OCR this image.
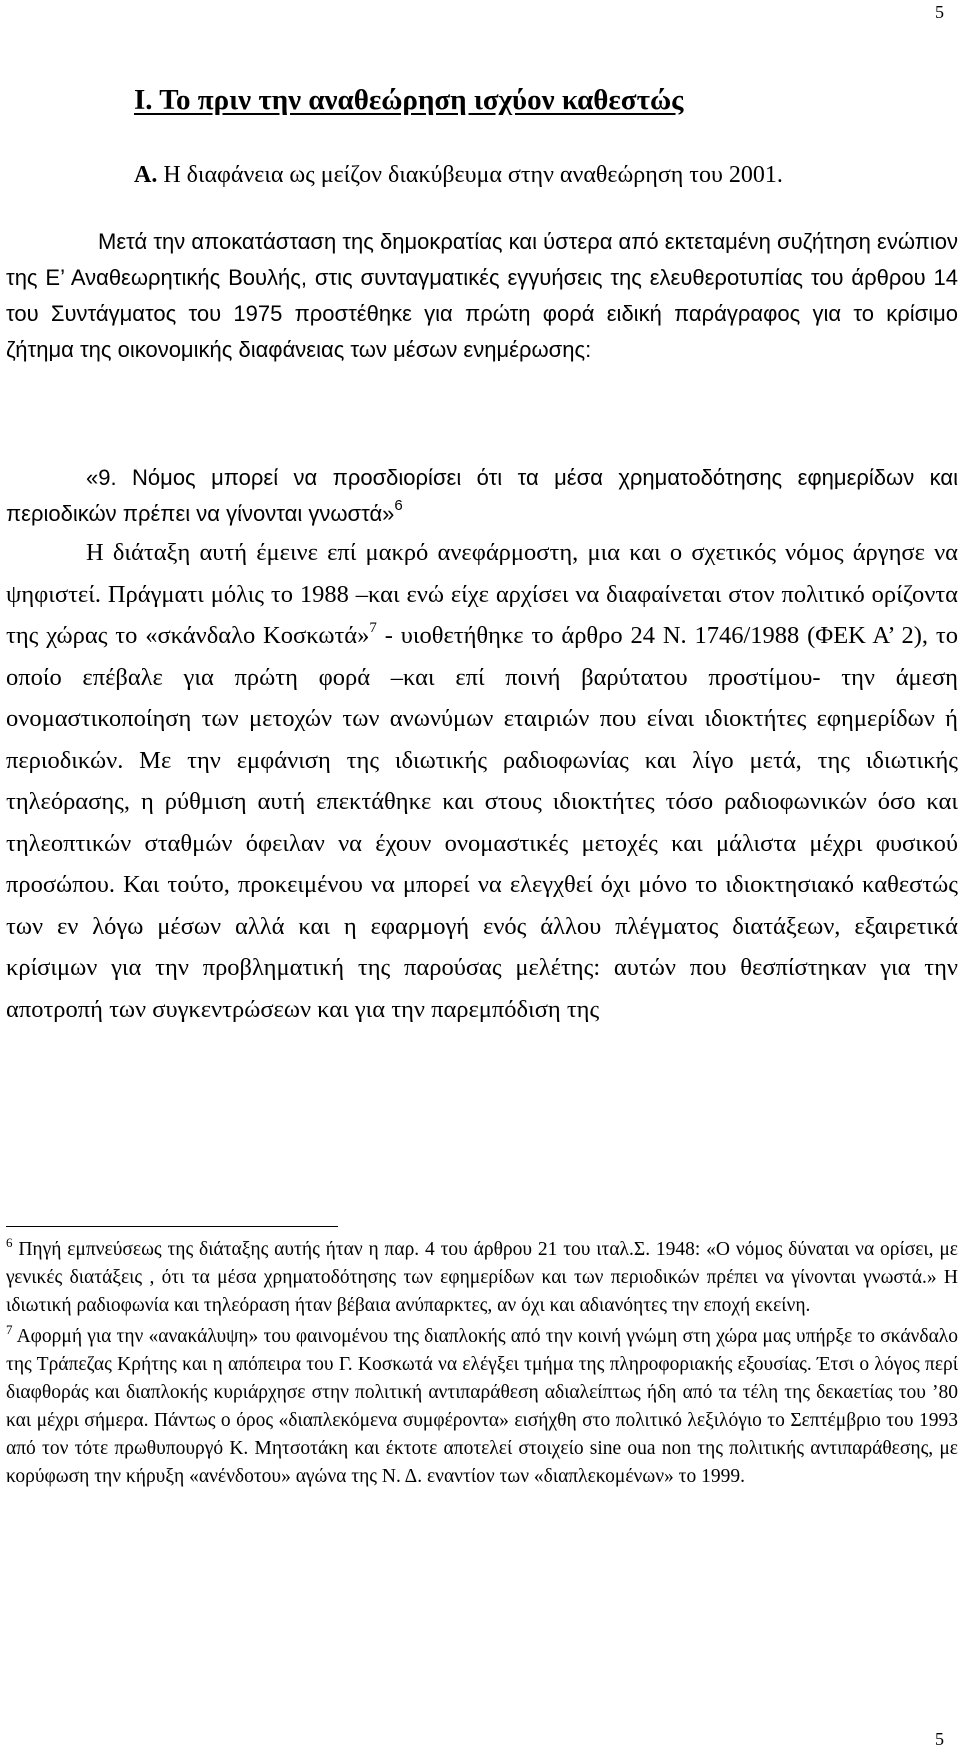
5
Ι. Το πριν την αναθεώρηση ισχύον καθεστώς
Α. Η διαφάνεια ως μείζον διακύβευμα στην αναθεώρηση του 2001.

Μετά την αποκατάσταση της δημοκρατίας και ύστερα από εκτεταμένη συζήτηση ενώπιον της Ε’ Αναθεωρητικής Βουλής, στις συνταγματικές εγγυήσεις της ελευθεροτυπίας του άρθρου 14 του Συντάγματος του 1975 προστέθηκε για πρώτη φορά ειδική παράγραφος για το κρίσιμο ζήτημα της οικονομικής διαφάνειας των μέσων ενημέρωσης:

«9. Νόμος μπορεί να προσδιορίσει ότι τα μέσα χρηματοδότησης εφημερίδων και περιοδικών πρέπει να γίνονται γνωστά»$^6$

Η διάταξη αυτή έμεινε επί μακρό ανεφάρμοστη, μια και ο σχετικός νόμος άργησε να ψηφιστεί. Πράγματι μόλις το 1988 –και ενώ είχε αρχίσει να διαφαίνεται στον πολιτικό ορίζοντα της χώρας το «σκάνδαλο Κοσκωτά»$^7$ - υιοθετήθηκε το άρθρο 24 Ν. 1746/1988 (ΦΕΚ Α’ 2), το οποίο επέβαλε για πρώτη φορά –και επί ποινή βαρύτατου προστίμου- την άμεση ονομαστικοποίηση των μετοχών των ανωνύμων εταιριών που είναι ιδιοκτήτες εφημερίδων ή περιοδικών. Με την εμφάνιση της ιδιωτικής ραδιοφωνίας και λίγο μετά, της ιδιωτικής τηλεόρασης, η ρύθμιση αυτή επεκτάθηκε και στους ιδιοκτήτες τόσο ραδιοφωνικών όσο και τηλεοπτικών σταθμών όφειλαν να έχουν ονομαστικές μετοχές και μάλιστα μέχρι φυσικού προσώπου. Και τούτο, προκειμένου να μπορεί να ελεγχθεί όχι μόνο το ιδιοκτησιακό καθεστώς των εν λόγω μέσων αλλά και η εφαρμογή ενός άλλου πλέγματος διατάξεων, εξαιρετικά κρίσιμων για την προβληματική της παρούσας μελέτης: αυτών που θεσπίστηκαν για την αποτροπή των συγκεντρώσεων και για την παρεμπόδιση της

$^6$ Πηγή εμπνεύσεως της διάταξης αυτής ήταν η παρ. 4 του άρθρου 21 του ιταλ.Σ. 1948: «Ο νόμος δύναται να ορίσει, με γενικές διατάξεις , ότι τα μέσα χρηματοδότησης των εφημερίδων και των περιοδικών πρέπει να γίνονται γνωστά.» Η ιδιωτική ραδιοφωνία και τηλεόραση ήταν βέβαια ανύπαρκτες, αν όχι και αδιανόητες την εποχή εκείνη.

$^7$ Αφορμή για την «ανακάλυψη» του φαινομένου της διαπλοκής από την κοινή γνώμη στη χώρα μας υπήρξε το σκάνδαλο της Τράπεζας Κρήτης και η απόπειρα του Γ. Κοσκωτά να ελέγξει τμήμα της πληροφοριακής εξουσίας. Έτσι ο λόγος περί διαφθοράς και διαπλοκής κυριάρχησε στην πολιτική αντιπαράθεση αδιαλείπτως ήδη από τα τέλη της δεκαετίας του ’80 και μέχρι σήμερα. Πάντως ο όρος «διαπλεκόμενα συμφέροντα» εισήχθη στο πολιτικό λεξιλόγιο το Σεπτέμβριο του 1993 από τον τότε πρωθυπουργό Κ. Μητσοτάκη και έκτοτε αποτελεί στοιχείο sine oua non της πολιτικής αντιπαράθεσης, με κορύφωση την κήρυξη «ανένδοτου» αγώνα της Ν. Δ. εναντίον των «διαπλεκομένων» το 1999.

5
